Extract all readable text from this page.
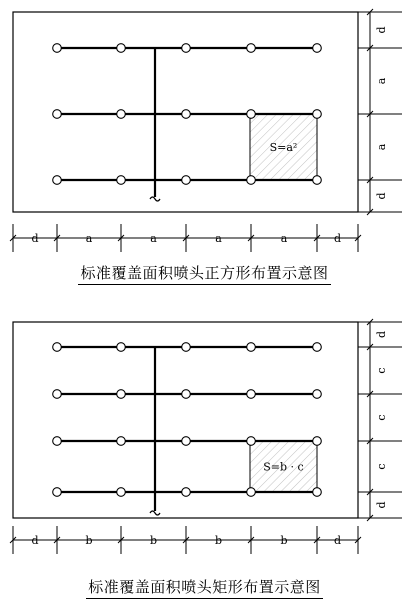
S=a²
d	a	a	a	a	d
d
a
a
d
S=b · c
d	b	b	b	b	d
d
c
c
c
d
标准覆盖面积喷头正方形布置示意图
标准覆盖面积喷头矩形布置示意图
